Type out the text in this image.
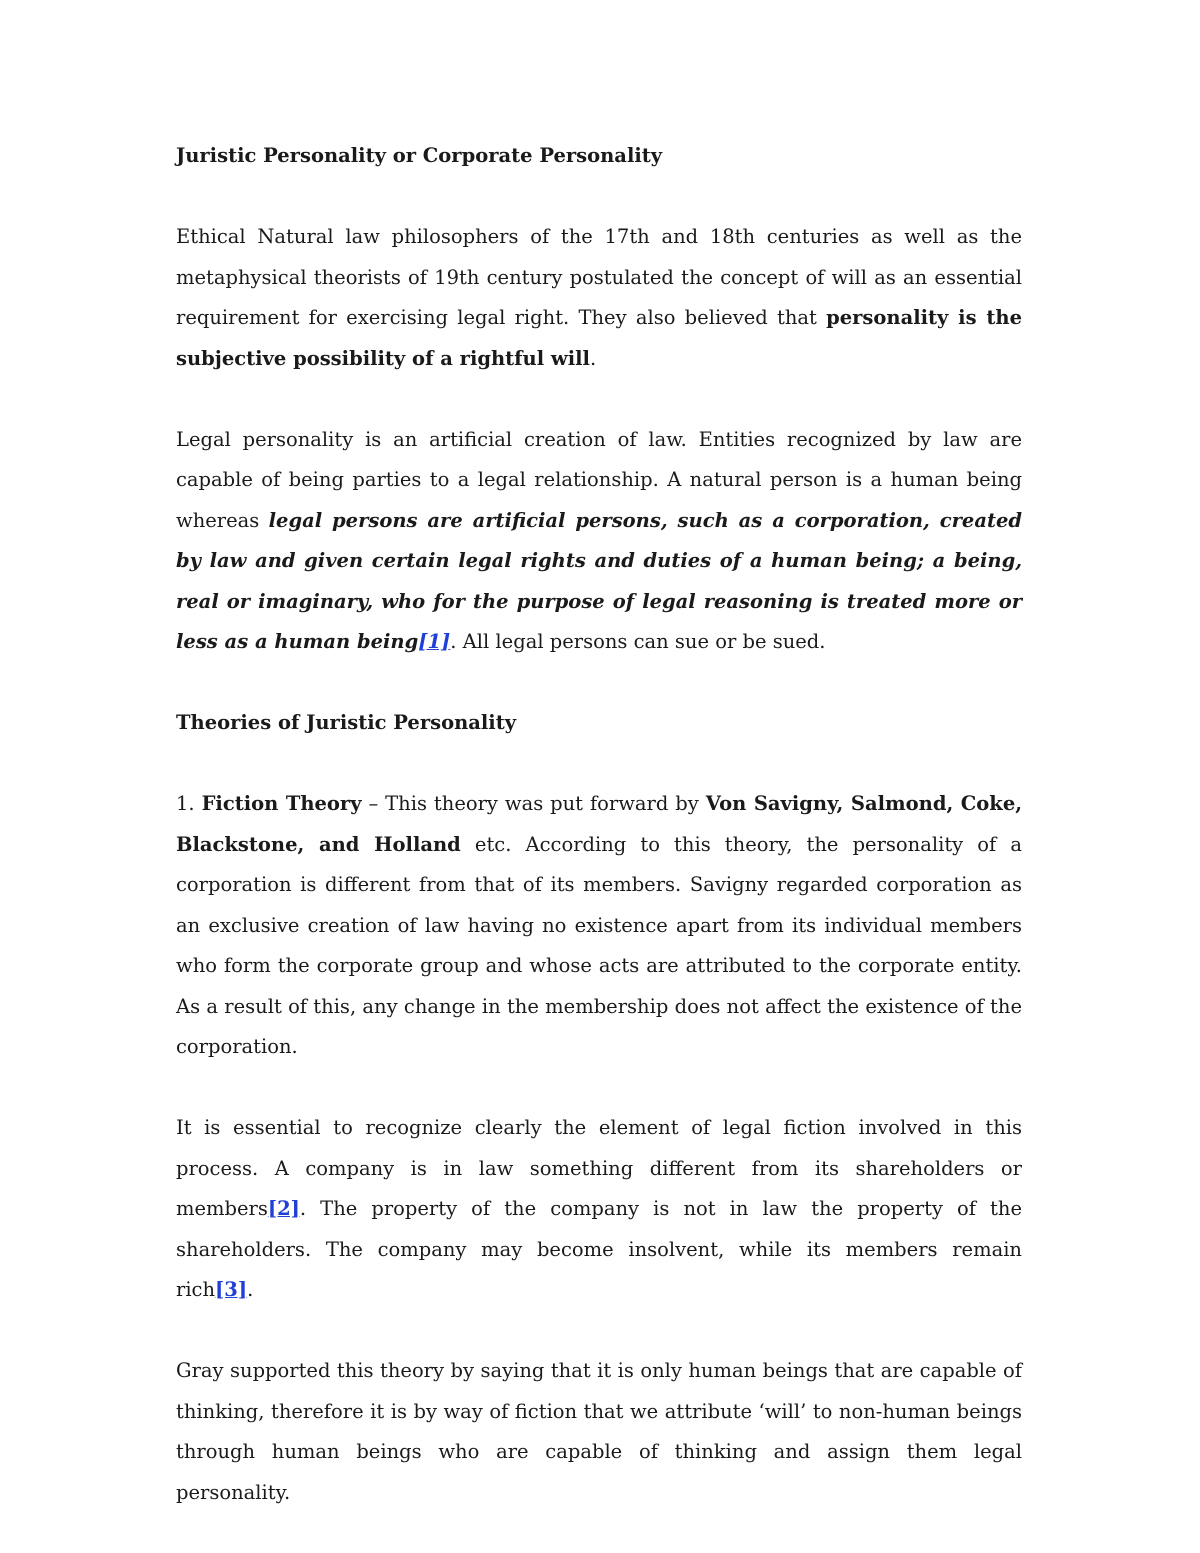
Juristic Personality or Corporate Personality

Ethical Natural law philosophers of the 17th and 18th centuries as well as the metaphysical theorists of 19th century postulated the concept of will as an essential requirement for exercising legal right. They also believed that personality is the subjective possibility of a rightful will.

Legal personality is an artificial creation of law. Entities recognized by law are capable of being parties to a legal relationship. A natural person is a human being whereas legal persons are artificial persons, such as a corporation, created by law and given certain legal rights and duties of a human being; a being, real or imaginary, who for the purpose of legal reasoning is treated more or less as a human being[1]. All legal persons can sue or be sued.

Theories of Juristic Personality

1. Fiction Theory – This theory was put forward by Von Savigny, Salmond, Coke, Blackstone, and Holland etc. According to this theory, the personality of a corporation is different from that of its members. Savigny regarded corporation as an exclusive creation of law having no existence apart from its individual members who form the corporate group and whose acts are attributed to the corporate entity. As a result of this, any change in the membership does not affect the existence of the corporation.

It is essential to recognize clearly the element of legal fiction involved in this process. A company is in law something different from its shareholders or members[2]. The property of the company is not in law the property of the shareholders. The company may become insolvent, while its members remain rich[3].

Gray supported this theory by saying that it is only human beings that are capable of thinking, therefore it is by way of fiction that we attribute ‘will’ to non-human beings through human beings who are capable of thinking and assign them legal personality.
